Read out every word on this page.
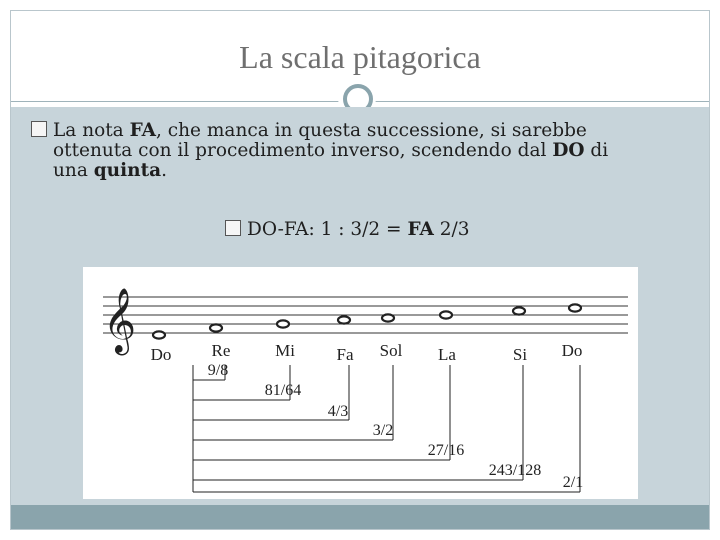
La scala pitagorica
La nota FA, che manca in questa successione, si sarebbe
ottenuta con il procedimento inverso, scendendo dal DO di
una quinta.
DO-FA: 1 : 3/2 = FA 2/3
𝄞
Do Re	Mi Fa Sol La	Si Do
9/8
81/64
4/3
3/2
27/16
243/128
2/1
